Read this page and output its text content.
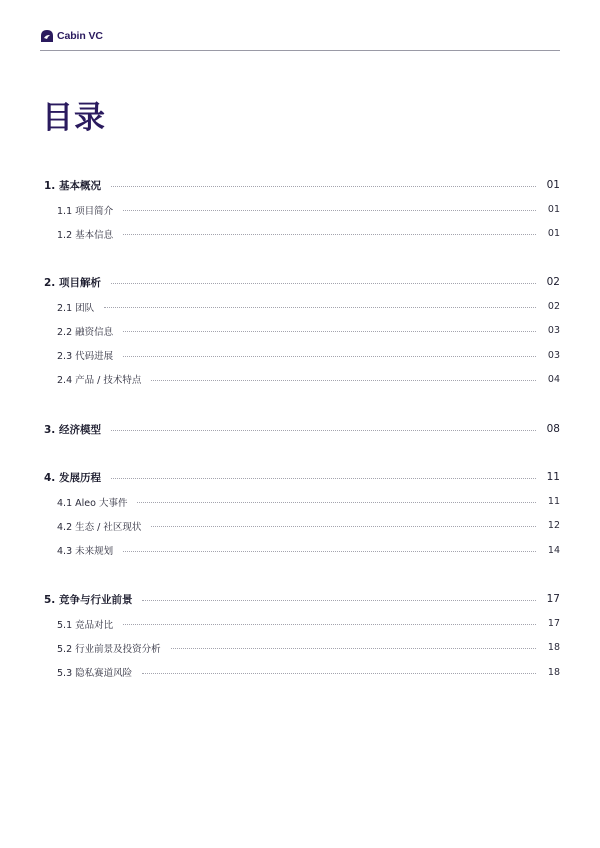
Cabin VC
目录
1. 基本概况	01
1.1 项目简介	01
1.2 基本信息	01
2. 项目解析	02
2.1 团队	02
2.2 融资信息	03
2.3 代码进展	03
2.4 产品 / 技术特点	04
3. 经济模型	08
4. 发展历程	11
4.1 Aleo 大事件	11
4.2 生态 / 社区现状	12
4.3 未来规划	14
5. 竞争与行业前景	17
5.1 竞品对比	17
5.2 行业前景及投资分析	18
5.3 隐私赛道风险	18
